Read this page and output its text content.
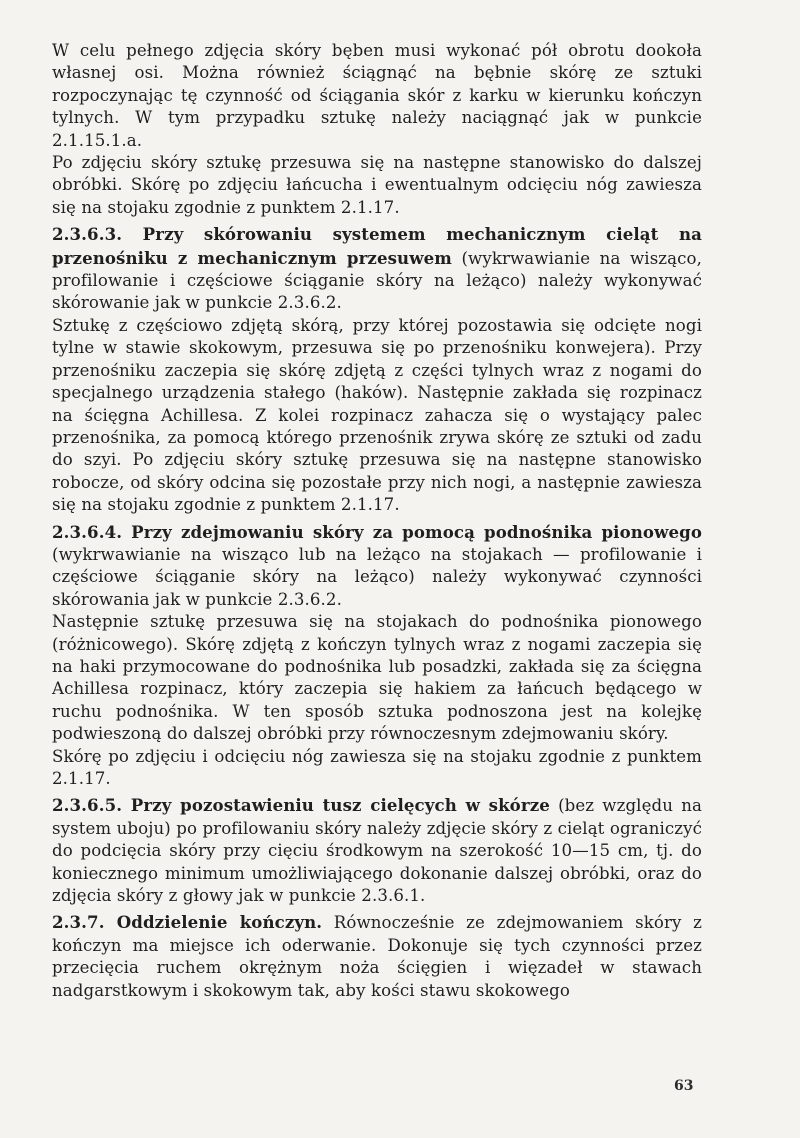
W celu pełnego zdjęcia skóry bęben musi wykonać pół obrotu dookoła własnej osi. Można również ściągnąć na bębnie skórę ze sztuki rozpoczynając tę czynność od ściągania skór z karku w kierunku kończyn tylnych. W tym przypadku sztukę należy naciągnąć jak w punkcie 2.1.15.1.a.

Po zdjęciu skóry sztukę przesuwa się na następne stanowisko do dalszej obróbki. Skórę po zdjęciu łańcucha i ewentualnym odcięciu nóg zawiesza się na stojaku zgodnie z punktem 2.1.17.

2.3.6.3. Przy skórowaniu systemem mechanicznym cieląt na przenośniku z mechanicznym przesuwem (wykrwawianie na wisząco, profilowanie i częściowe ściąganie skóry na leżąco) należy wykonywać skórowanie jak w punkcie 2.3.6.2.

Sztukę z częściowo zdjętą skórą, przy której pozostawia się odcięte nogi tylne w stawie skokowym, przesuwa się po przenośniku konwejera). Przy przenośniku zaczepia się skórę zdjętą z części tylnych wraz z nogami do specjalnego urządzenia stałego (haków). Następnie zakłada się rozpinacz na ścięgna Achillesa. Z kolei rozpinacz zahacza się o wystający palec przenośnika, za pomocą którego przenośnik zrywa skórę ze sztuki od zadu do szyi. Po zdjęciu skóry sztukę przesuwa się na następne stanowisko robocze, od skóry odcina się pozostałe przy nich nogi, a następnie zawiesza się na stojaku zgodnie z punktem 2.1.17.

2.3.6.4. Przy zdejmowaniu skóry za pomocą podnośnika pionowego (wykrwawianie na wisząco lub na leżąco na stojakach — profilowanie i częściowe ściąganie skóry na leżąco) należy wykonywać czynności skórowania jak w punkcie 2.3.6.2.

Następnie sztukę przesuwa się na stojakach do podnośnika pionowego (różnicowego). Skórę zdjętą z kończyn tylnych wraz z nogami zaczepia się na haki przymocowane do podnośnika lub posadzki, zakłada się za ścięgna Achillesa rozpinacz, który zaczepia się hakiem za łańcuch będącego w ruchu podnośnika. W ten sposób sztuka podnoszona jest na kolejkę podwieszoną do dalszej obróbki przy równoczesnym zdejmowaniu skóry.

Skórę po zdjęciu i odcięciu nóg zawiesza się na stojaku zgodnie z punktem 2.1.17.

2.3.6.5. Przy pozostawieniu tusz cielęcych w skórze (bez względu na system uboju) po profilowaniu skóry należy zdjęcie skóry z cieląt ograniczyć do podcięcia skóry przy cięciu środkowym na szerokość 10—15 cm, tj. do koniecznego minimum umożliwiającego dokonanie dalszej obróbki, oraz do zdjęcia skóry z głowy jak w punkcie 2.3.6.1.

2.3.7. Oddzielenie kończyn. Równocześnie ze zdejmowaniem skóry z kończyn ma miejsce ich oderwanie. Dokonuje się tych czynności przez przecięcia ruchem okrężnym noża ścięgien i więzadeł w stawach nadgarstkowym i skokowym tak, aby kości stawu skokowego

63
